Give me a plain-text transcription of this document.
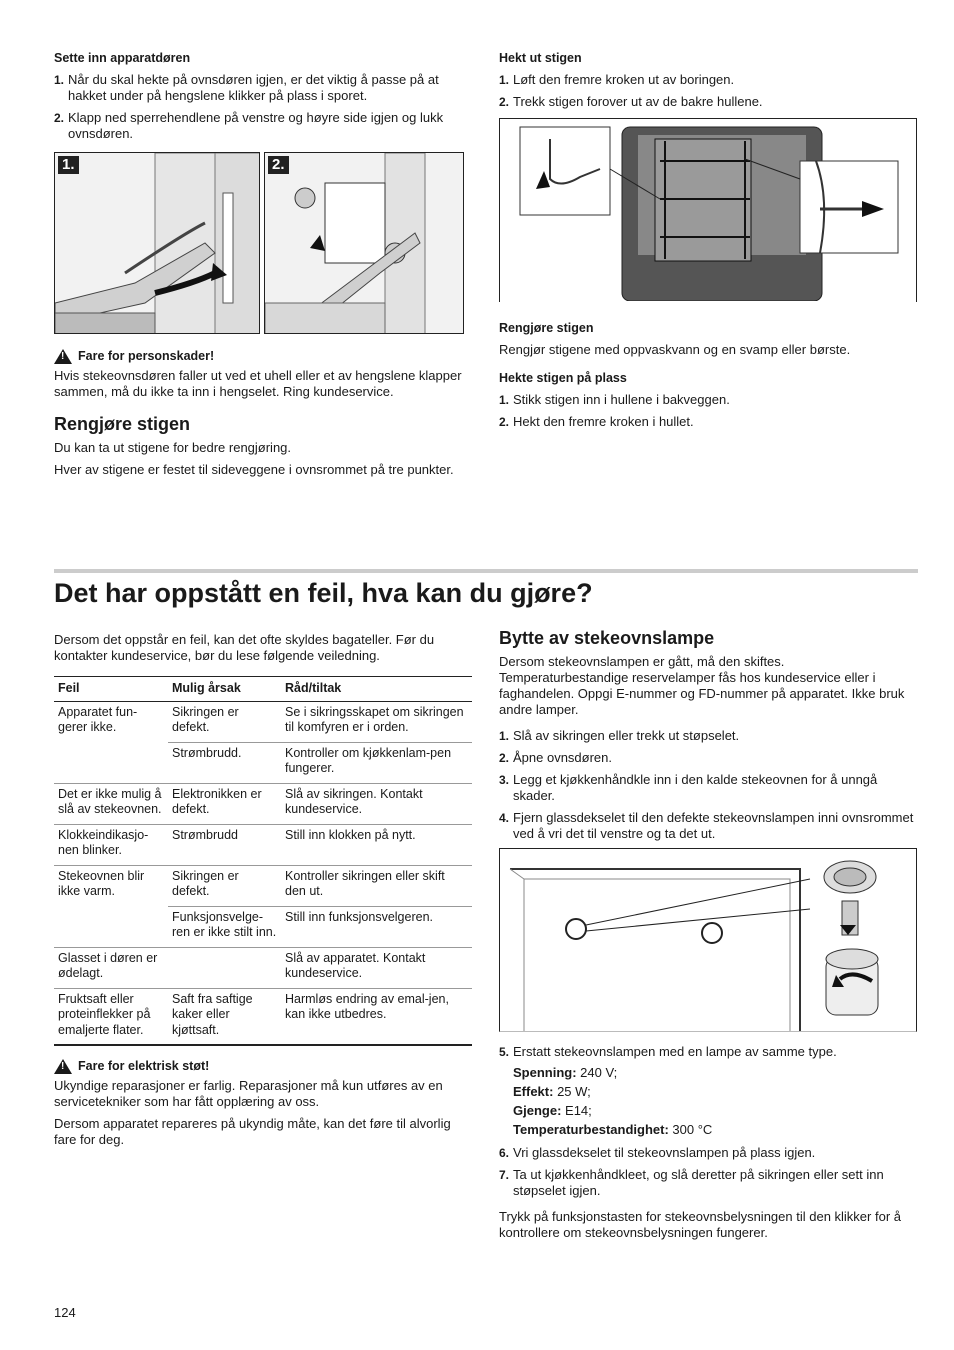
Sette inn apparatdøren
1. Når du skal hekte på ovnsdøren igjen, er det viktig å passe på at hakket under på hengslene klikker på plass i sporet.
2. Klapp ned sperrehendlene på venstre og høyre side igjen og lukk ovnsdøren.
1.	2.
!
Fare for personskader!

Hvis stekeovnsdøren faller ut ved et uhell eller et av hengslene klapper sammen, må du ikke ta inn i hengselet. Ring kundeservice.

Rengjøre stigen

Du kan ta ut stigene for bedre rengjøring.

Hver av stigene er festet til sideveggene i ovnsrommet på tre punkter.

Hekt ut stigen
1. Løft den fremre kroken ut av boringen.
2. Trekk stigen forover ut av de bakre hullene.
Rengjøre stigen

Rengjør stigene med oppvaskvann og en svamp eller børste.

Hekte stigen på plass
1. Stikk stigen inn i hullene i bakveggen.
2. Hekt den fremre kroken i hullet.
Det har oppstått en feil, hva kan du gjøre?

Dersom det oppstår en feil, kan det ofte skyldes bagateller. Før du kontakter kundeservice, bør du lese følgende veiledning.

Feil	Mulig årsak	Råd/tiltak
Apparatet fun-gerer ikke.	Sikringen er defekt.	Se i sikringsskapet om sikringen til komfyren er i orden.
	Strømbrudd.	Kontroller om kjøkkenlam-pen fungerer.
Det er ikke mulig å slå av stekeovnen.	Elektronikken er defekt.	Slå av sikringen. Kontakt kundeservice.
Klokkeindikasjo-nen blinker.	Strømbrudd	Still inn klokken på nytt.
Stekeovnen blir ikke varm.	Sikringen er defekt.	Kontroller sikringen eller skift den ut.
	Funksjonsvelge-ren er ikke stilt inn.	Still inn funksjonsvelgeren.
Glasset i døren er ødelagt.		Slå av apparatet. Kontakt kundeservice.
Fruktsaft eller proteinflekker på emaljerte flater.	Saft fra saftige kaker eller kjøttsaft.	Harmløs endring av emal-jen, kan ikke utbedres.
!
Fare for elektrisk støt!

Ukyndige reparasjoner er farlig. Reparasjoner må kun utføres av en servicetekniker som har fått opplæring av oss.

Dersom apparatet repareres på ukyndig måte, kan det føre til alvorlig fare for deg.

Bytte av stekeovnslampe

Dersom stekeovnslampen er gått, må den skiftes. Temperaturbestandige reservelamper fås hos kundeservice eller i faghandelen. Oppgi E-nummer og FD-nummer på apparatet. Ikke bruk andre lamper.

1. Slå av sikringen eller trekk ut støpselet.
2. Åpne ovnsdøren.
3. Legg et kjøkkenhåndkle inn i den kalde stekeovnen for å unngå skader.
4. Fjern glassdekselet til den defekte stekeovnslampen inni ovnsrommet ved å vri det til venstre og ta det ut.
5. Erstatt stekeovnslampen med en lampe av samme type.
Spenning: 240 V;
Effekt: 25 W;
Gjenge: E14;
Temperaturbestandighet: 300 °C
6. Vri glassdekselet til stekeovnslampen på plass igjen.
7. Ta ut kjøkkenhåndkleet, og slå deretter på sikringen eller sett inn støpselet igjen.

Trykk på funksjonstasten for stekeovnsbelysningen til den klikker for å kontrollere om stekeovnsbelysningen fungerer.

124
